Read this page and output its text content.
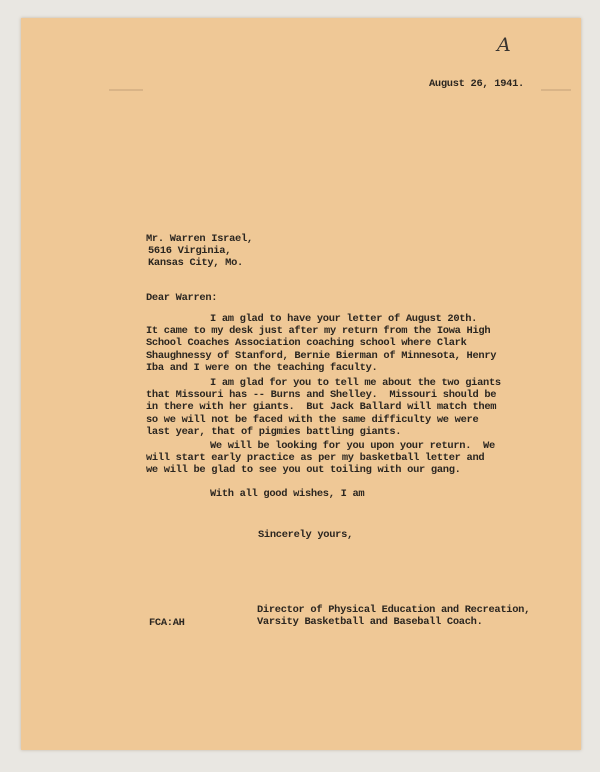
A

August 26, 1941.

Mr. Warren Israel,

5616 Virginia,

Kansas City, Mo.

Dear Warren:

I am glad to have your letter of August 20th.

It came to my desk just after my return from the Iowa High

School Coaches Association coaching school where Clark

Shaughnessy of Stanford, Bernie Bierman of Minnesota, Henry

Iba and I were on the teaching faculty.

I am glad for you to tell me about the two giants

that Missouri has -- Burns and Shelley.  Missouri should be

in there with her giants.  But Jack Ballard will match them

so we will not be faced with the same difficulty we were

last year, that of pigmies battling giants.

We will be looking for you upon your return.  We

will start early practice as per my basketball letter and

we will be glad to see you out toiling with our gang.

With all good wishes, I am

Sincerely yours,

Director of Physical Education and Recreation,

Varsity Basketball and Baseball Coach.

FCA:AH
